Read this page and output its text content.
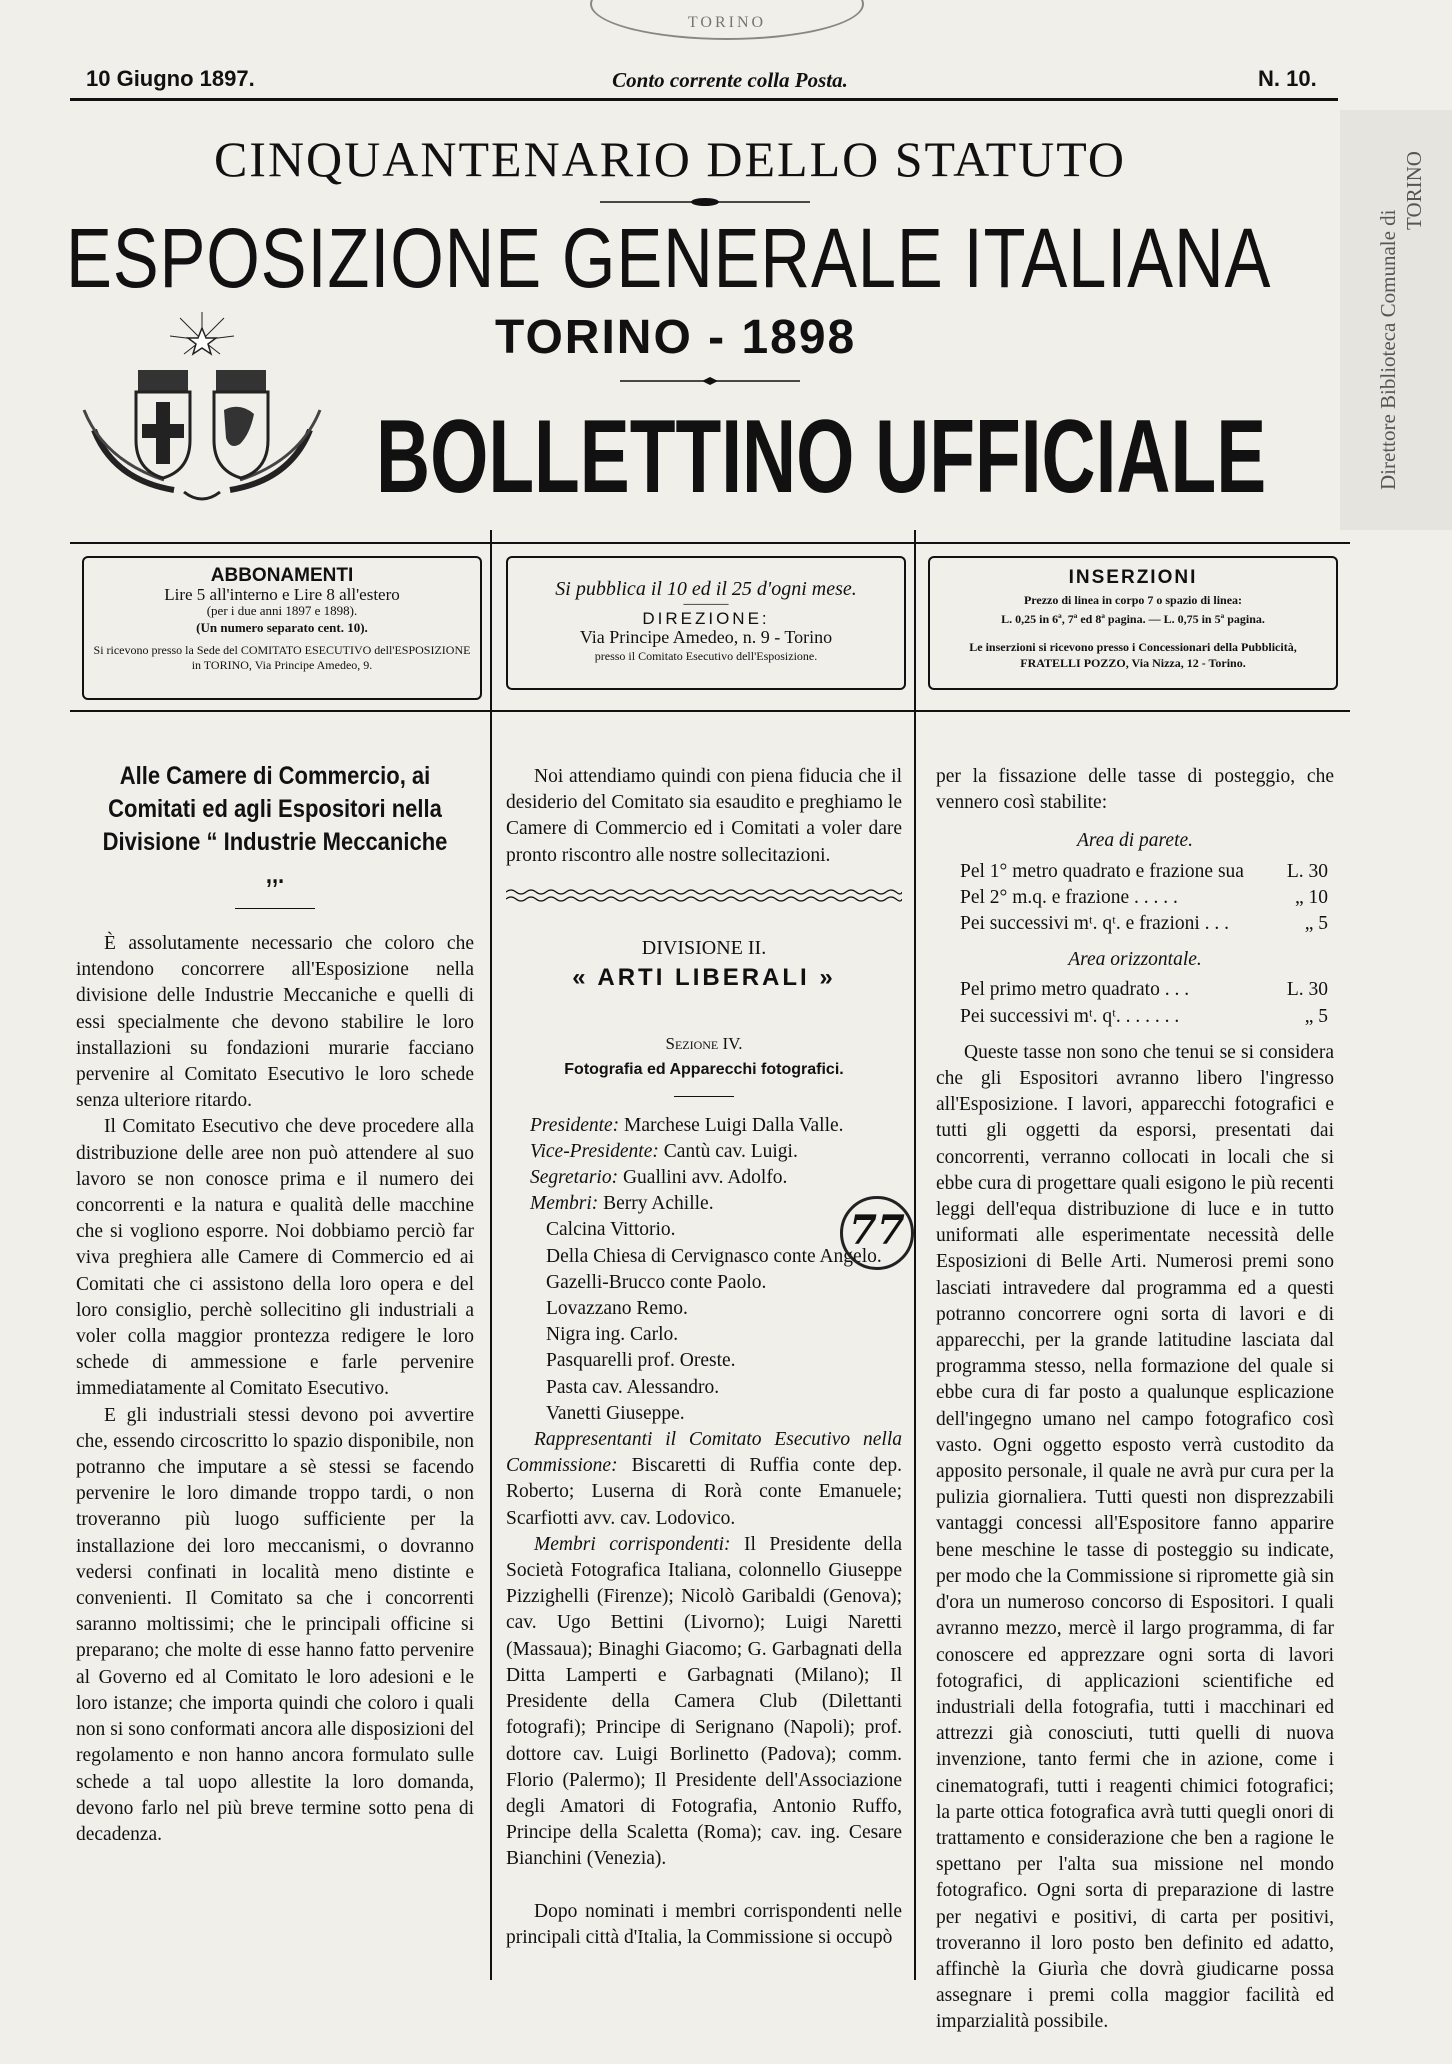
TORINO
10 Giugno 1897.	Conto corrente colla Posta.	N. 10.
CINQUANTENARIO DELLO STATUTO
ESPOSIZIONE GENERALE ITALIANA
TORINO - 1898
BOLLETTINO UFFICIALE	Direttore Biblioteca Comunale di
TORINO
ABBONAMENTI
Lire 5 all'interno e Lire 8 all'estero
(per i due anni 1897 e 1898).
(Un numero separato cent. 10).
Si ricevono presso la Sede del COMITATO ESECUTIVO dell'ESPOSIZIONE in TORINO, Via Principe Amedeo, 9.
Si pubblica il 10 ed il 25 d'ogni mese.
———
DIREZIONE:
Via Principe Amedeo, n. 9 - Torino
presso il Comitato Esecutivo dell'Esposizione.
INSERZIONI
Prezzo di linea in corpo 7 o spazio di linea:
L. 0,25 in 6ª, 7ª ed 8ª pagina. — L. 0,75 in 5ª pagina.
Le inserzioni si ricevono presso i Concessionari della Pubblicità, FRATELLI POZZO, Via Nizza, 12 - Torino.
Alle Camere di Commercio, ai Comitati ed agli Espositori nella Divisione “ Industrie Meccaniche ,,.

È assolutamente necessario che coloro che intendono concorrere all'Esposizione nella divisione delle Industrie Meccaniche e quelli di essi specialmente che devono stabilire le loro installazioni su fondazioni murarie facciano pervenire al Comitato Esecutivo le loro schede senza ulteriore ritardo.

Il Comitato Esecutivo che deve procedere alla distribuzione delle aree non può attendere al suo lavoro se non conosce prima e il numero dei concorrenti e la natura e qualità delle macchine che si vogliono esporre. Noi dobbiamo perciò far viva preghiera alle Camere di Commercio ed ai Comitati che ci assistono della loro opera e del loro consiglio, perchè sollecitino gli industriali a voler colla maggior prontezza redigere le loro schede di ammessione e farle pervenire immediatamente al Comitato Esecutivo.

E gli industriali stessi devono poi avvertire che, essendo circoscritto lo spazio disponibile, non potranno che imputare a sè stessi se facendo pervenire le loro dimande troppo tardi, o non troveranno più luogo sufficiente per la installazione dei loro meccanismi, o dovranno vedersi confinati in località meno distinte e convenienti. Il Comitato sa che i concorrenti saranno moltissimi; che le principali officine si preparano; che molte di esse hanno fatto pervenire al Governo ed al Comitato le loro adesioni e le loro istanze; che importa quindi che coloro i quali non si sono conformati ancora alle disposizioni del regolamento e non hanno ancora formulato sulle schede a tal uopo allestite la loro domanda, devono farlo nel più breve termine sotto pena di decadenza.

Noi attendiamo quindi con piena fiducia che il desiderio del Comitato sia esaudito e preghiamo le Camere di Commercio ed i Comitati a voler dare pronto riscontro alle nostre sollecitazioni.

DIVISIONE II.
« ARTI LIBERALI »
Sezione IV.
Fotografia ed Apparecchi fotografici.
Presidente: Marchese Luigi Dalla Valle.
Vice-Presidente: Cantù cav. Luigi.
Segretario: Guallini avv. Adolfo.
Membri: Berry Achille.
Calcina Vittorio.
Della Chiesa di Cervignasco conte Angelo.
Gazelli-Brucco conte Paolo.
Lovazzano Remo.
Nigra ing. Carlo.
Pasquarelli prof. Oreste.
Pasta cav. Alessandro.
Vanetti Giuseppe.

Rappresentanti il Comitato Esecutivo nella Commissione: Biscaretti di Ruffia conte dep. Roberto; Luserna di Rorà conte Emanuele; Scarfiotti avv. cav. Lodovico.

Membri corrispondenti: Il Presidente della Società Fotografica Italiana, colonnello Giuseppe Pizzighelli (Firenze); Nicolò Garibaldi (Genova); cav. Ugo Bettini (Livorno); Luigi Naretti (Massaua); Binaghi Giacomo; G. Garbagnati della Ditta Lamperti e Garbagnati (Milano); Il Presidente della Camera Club (Dilettanti fotografi); Principe di Serignano (Napoli); prof. dottore cav. Luigi Borlinetto (Padova); comm. Florio (Palermo); Il Presidente dell'Associazione degli Amatori di Fotografia, Antonio Ruffo, Principe della Scaletta (Roma); cav. ing. Cesare Bianchini (Venezia).

Dopo nominati i membri corrispondenti nelle principali città d'Italia, la Commissione si occupò

77

per la fissazione delle tasse di posteggio, che vennero così stabilite:

Area di parete.
Pel 1° metro quadrato e frazione sua L. 30
Pel 2° m.q. e frazione . . . . .	„ 10
Pei successivi mᵗ. qᵗ. e frazioni . . .	„ 5
Area orizzontale.
Pel primo metro quadrato . . .	L. 30
Pei successivi mᵗ. qᵗ. . . . . . .	„ 5

Queste tasse non sono che tenui se si considera che gli Espositori avranno libero l'ingresso all'Esposizione. I lavori, apparecchi fotografici e tutti gli oggetti da esporsi, presentati dai concorrenti, verranno collocati in locali che si ebbe cura di progettare quali esigono le più recenti leggi dell'equa distribuzione di luce e in tutto uniformati alle esperimentate necessità delle Esposizioni di Belle Arti. Numerosi premi sono lasciati intravedere dal programma ed a questi potranno concorrere ogni sorta di lavori e di apparecchi, per la grande latitudine lasciata dal programma stesso, nella formazione del quale si ebbe cura di far posto a qualunque esplicazione dell'ingegno umano nel campo fotografico così vasto. Ogni oggetto esposto verrà custodito da apposito personale, il quale ne avrà pur cura per la pulizia giornaliera. Tutti questi non disprezzabili vantaggi concessi all'Espositore fanno apparire bene meschine le tasse di posteggio su indicate, per modo che la Commissione si ripromette già sin d'ora un numeroso concorso di Espositori. I quali avranno mezzo, mercè il largo programma, di far conoscere ed apprezzare ogni sorta di lavori fotografici, di applicazioni scientifiche ed industriali della fotografia, tutti i macchinari ed attrezzi già conosciuti, tutti quelli di nuova invenzione, tanto fermi che in azione, come i cinematografi, tutti i reagenti chimici fotografici; la parte ottica fotografica avrà tutti quegli onori di trattamento e considerazione che ben a ragione le spettano per l'alta sua missione nel mondo fotografico. Ogni sorta di preparazione di lastre per negativi e positivi, di carta per positivi, troveranno il loro posto ben definito ed adatto, affinchè la Giurìa che dovrà giudicarne possa assegnare i premi colla maggior facilità ed imparzialità possibile.
